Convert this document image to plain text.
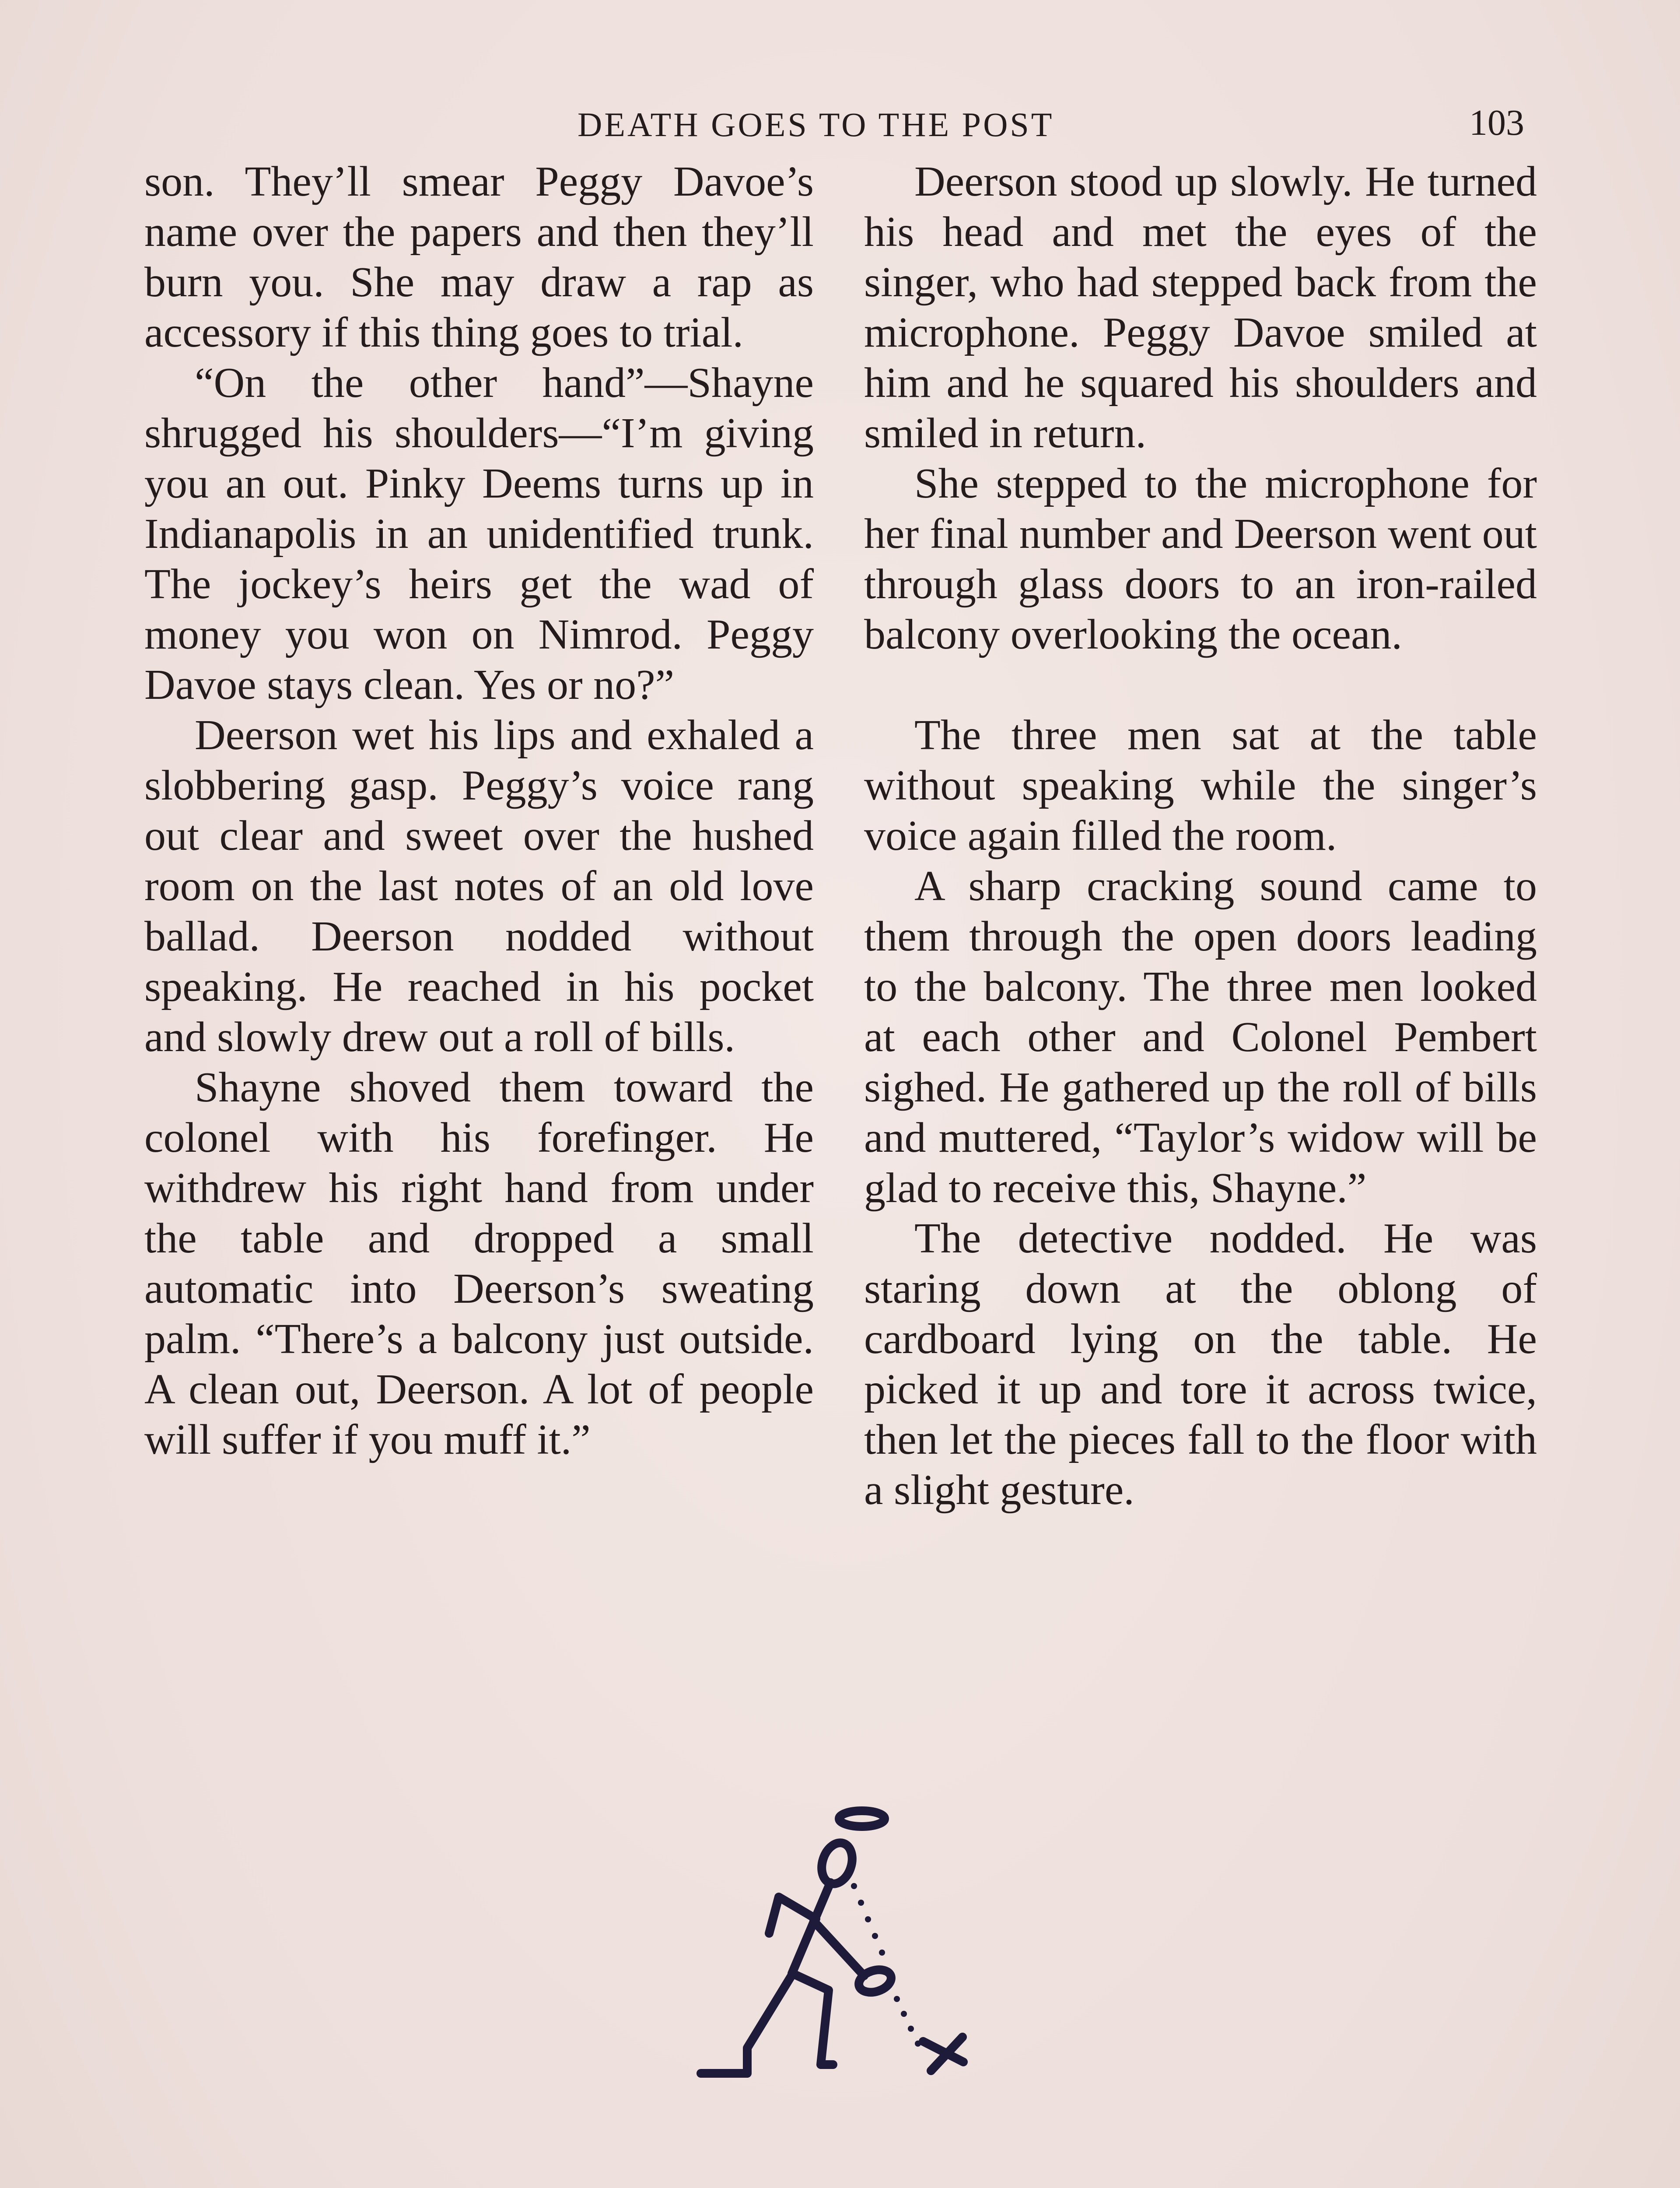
DEATH GOES TO THE POST	103

son. They’ll smear Peggy Davoe’s name over the papers and then they’ll burn you. She may draw a rap as accessory if this thing goes to trial.

“On the other hand”—Shayne shrugged his shoulders—“I’m giving you an out. Pinky Deems turns up in Indianapolis in an unidentified trunk. The jockey’s heirs get the wad of money you won on Nimrod. Peggy Davoe stays clean. Yes or no?”

Deerson wet his lips and exhaled a slobbering gasp. Peggy’s voice rang out clear and sweet over the hushed room on the last notes of an old love ballad. Deerson nodded without speaking. He reached in his pocket and slowly drew out a roll of bills.

Shayne shoved them toward the colonel with his forefinger. He withdrew his right hand from under the table and dropped a small automatic into Deerson’s sweating palm. “There’s a balcony just outside. A clean out, Deerson. A lot of people will suffer if you muff it.”

Deerson stood up slowly. He turned his head and met the eyes of the singer, who had stepped back from the microphone. Peggy Davoe smiled at him and he squared his shoulders and smiled in return.

She stepped to the microphone for her final number and Deerson went out through glass doors to an iron-railed balcony overlooking the ocean.

The three men sat at the table without speaking while the singer’s voice again filled the room.

A sharp cracking sound came to them through the open doors leading to the balcony. The three men looked at each other and Colonel Pembert sighed. He gathered up the roll of bills and muttered, “Taylor’s widow will be glad to receive this, Shayne.”

The detective nodded. He was staring down at the oblong of cardboard lying on the table. He picked it up and tore it across twice, then let the pieces fall to the floor with a slight gesture.
